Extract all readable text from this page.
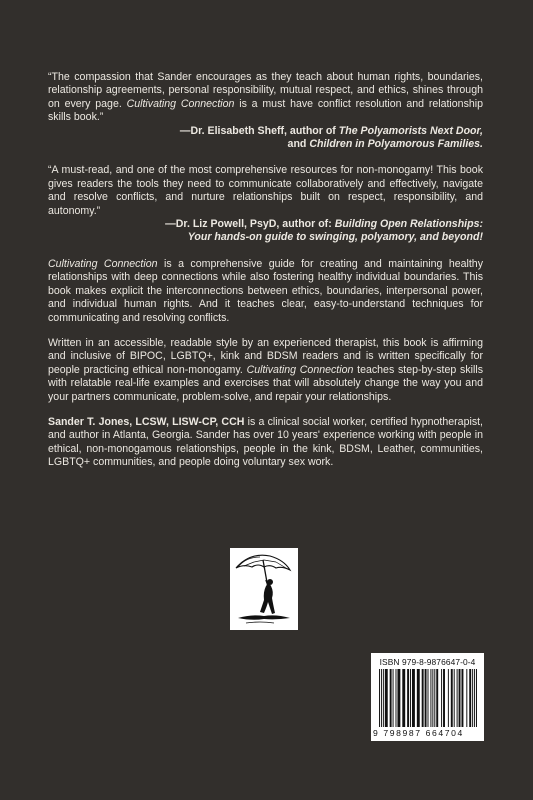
“The compassion that Sander encourages as they teach about human rights, boundaries, relationship agreements, personal responsibility, mutual respect, and ethics, shines through on every page. Cultivating Connection is a must have conflict resolution and relationship skills book.”

—Dr. Elisabeth Sheff, author of The Polyamorists Next Door,
and Children in Polyamorous Families.

“A must-read, and one of the most comprehensive resources for non-monogamy! This book gives readers the tools they need to communicate collaboratively and effectively, navigate and resolve conflicts, and nurture relationships built on respect, responsibility, and autonomy.”

—Dr. Liz Powell, PsyD, author of: Building Open Relationships:
Your hands-on guide to swinging, polyamory, and beyond!

Cultivating Connection is a comprehensive guide for creating and maintaining healthy relationships with deep connections while also fostering healthy individual boundaries. This book makes explicit the interconnections between ethics, boundaries, interpersonal power, and individual human rights. And it teaches clear, easy-to-understand techniques for communicating and resolving conflicts.

Written in an accessible, readable style by an experienced therapist, this book is affirming and inclusive of BIPOC, LGBTQ+, kink and BDSM readers and is written specifically for people practicing ethical non-monogamy. Cultivating Connection teaches step-by-step skills with relatable real-life examples and exercises that will absolutely change the way you and your partners communicate, problem-solve, and repair your relationships.

Sander T. Jones, LCSW, LISW-CP, CCH is a clinical social worker, certified hypnotherapist, and author in Atlanta, Georgia. Sander has over 10 years' experience working with people in ethical, non-monogamous relationships, people in the kink, BDSM, Leather, communities, LGBTQ+ communities, and people doing voluntary sex work.

ISBN 979-8-9876647-0-4
9 798987 664704
